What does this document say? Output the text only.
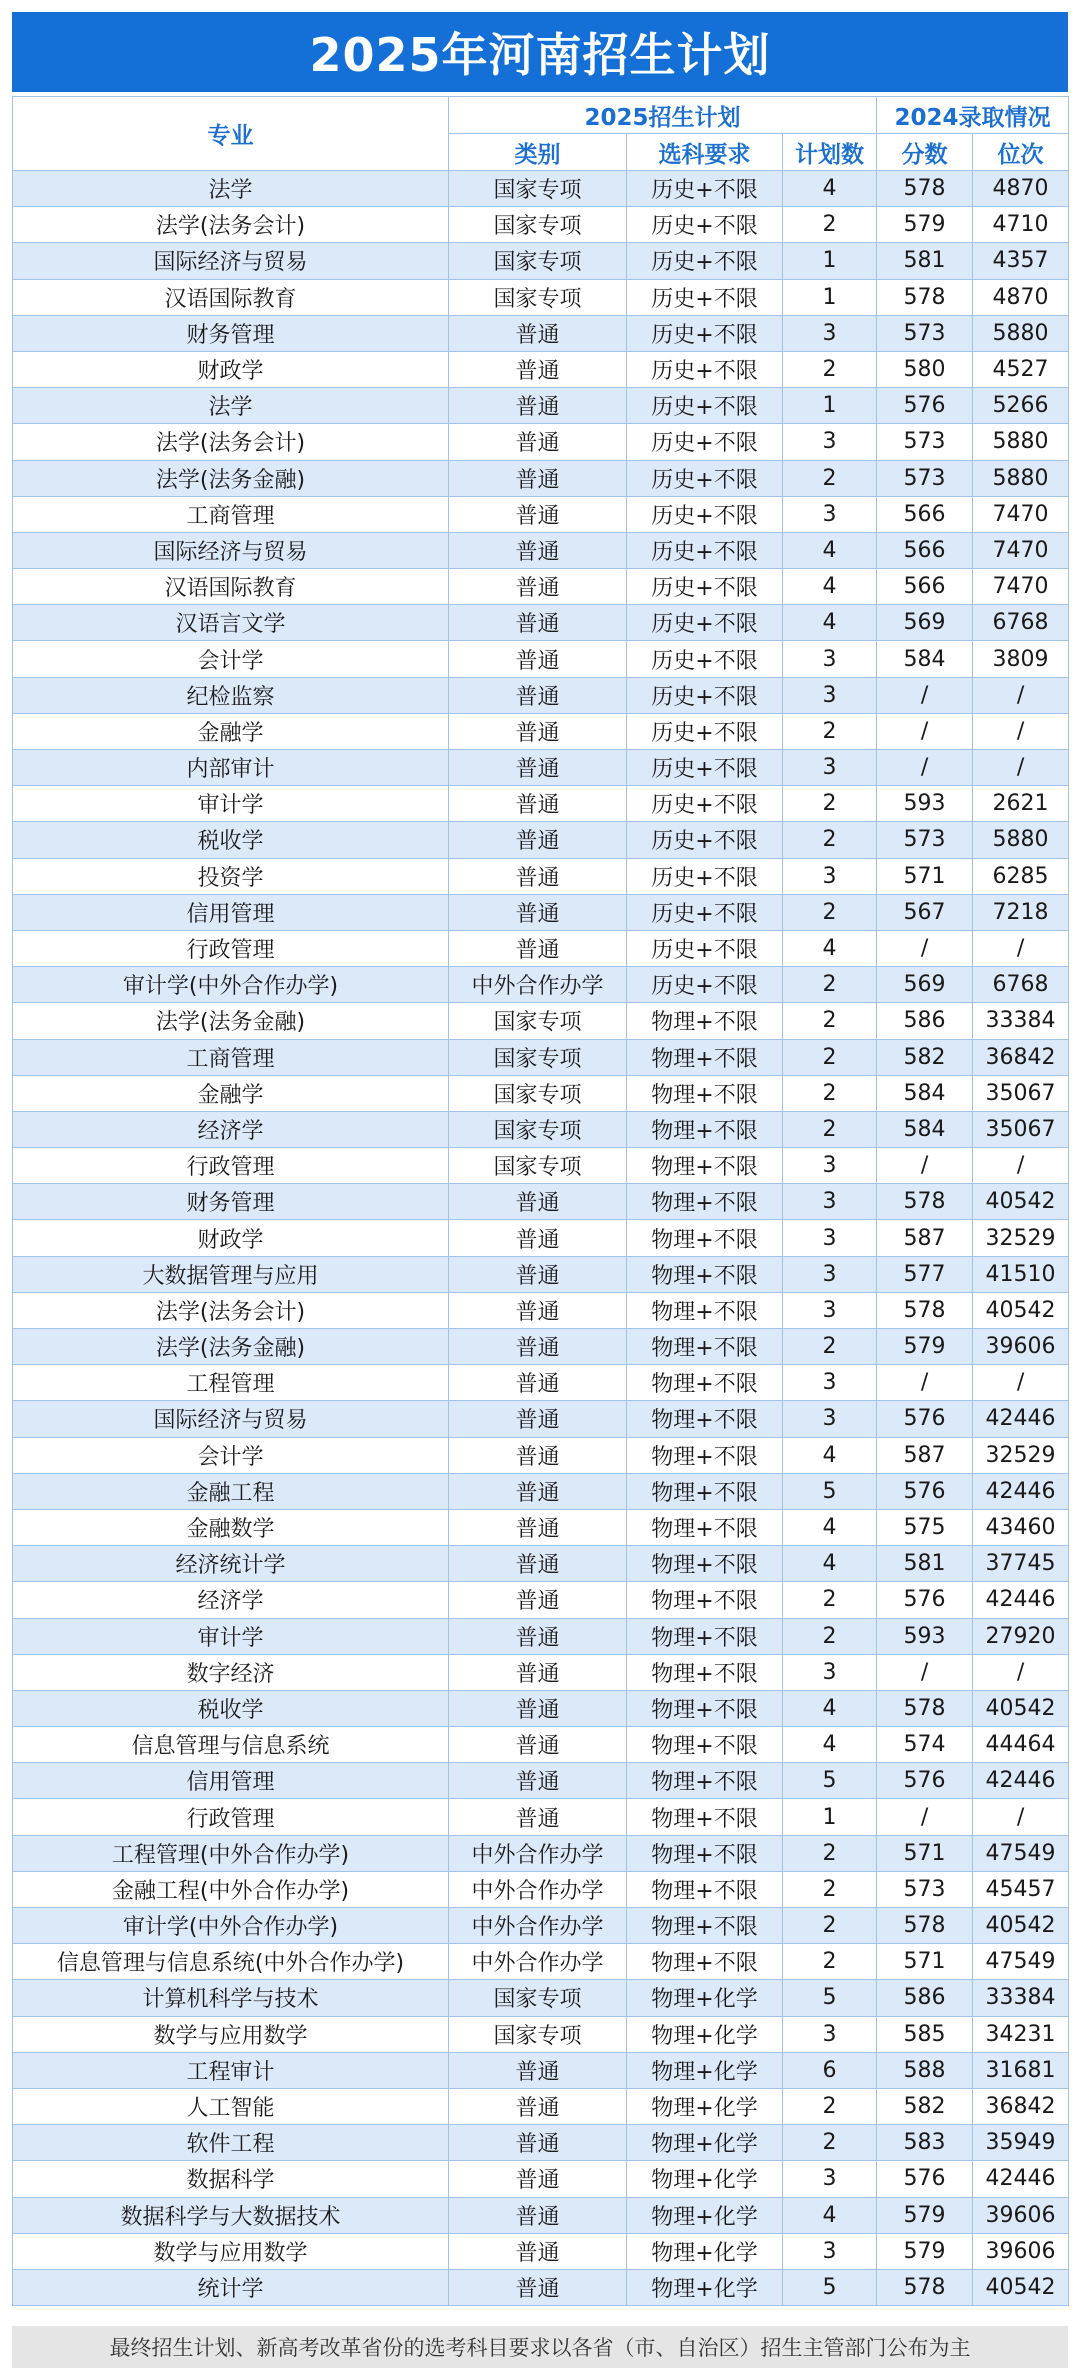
2025年河南招生计划
专业	2025招生计划			2024录取情况	
	类别	选科要求	计划数	分数	位次
法学	国家专项	历史+不限	4	578	4870
法学(法务会计)	国家专项	历史+不限	2	579	4710
国际经济与贸易	国家专项	历史+不限	1	581	4357
汉语国际教育	国家专项	历史+不限	1	578	4870
财务管理	普通	历史+不限	3	573	5880
财政学	普通	历史+不限	2	580	4527
法学	普通	历史+不限	1	576	5266
法学(法务会计)	普通	历史+不限	3	573	5880
法学(法务金融)	普通	历史+不限	2	573	5880
工商管理	普通	历史+不限	3	566	7470
国际经济与贸易	普通	历史+不限	4	566	7470
汉语国际教育	普通	历史+不限	4	566	7470
汉语言文学	普通	历史+不限	4	569	6768
会计学	普通	历史+不限	3	584	3809
纪检监察	普通	历史+不限	3	/	/
金融学	普通	历史+不限	2	/	/
内部审计	普通	历史+不限	3	/	/
审计学	普通	历史+不限	2	593	2621
税收学	普通	历史+不限	2	573	5880
投资学	普通	历史+不限	3	571	6285
信用管理	普通	历史+不限	2	567	7218
行政管理	普通	历史+不限	4	/	/
审计学(中外合作办学)	中外合作办学	历史+不限	2	569	6768
法学(法务金融)	国家专项	物理+不限	2	586	33384
工商管理	国家专项	物理+不限	2	582	36842
金融学	国家专项	物理+不限	2	584	35067
经济学	国家专项	物理+不限	2	584	35067
行政管理	国家专项	物理+不限	3	/	/
财务管理	普通	物理+不限	3	578	40542
财政学	普通	物理+不限	3	587	32529
大数据管理与应用	普通	物理+不限	3	577	41510
法学(法务会计)	普通	物理+不限	3	578	40542
法学(法务金融)	普通	物理+不限	2	579	39606
工程管理	普通	物理+不限	3	/	/
国际经济与贸易	普通	物理+不限	3	576	42446
会计学	普通	物理+不限	4	587	32529
金融工程	普通	物理+不限	5	576	42446
金融数学	普通	物理+不限	4	575	43460
经济统计学	普通	物理+不限	4	581	37745
经济学	普通	物理+不限	2	576	42446
审计学	普通	物理+不限	2	593	27920
数字经济	普通	物理+不限	3	/	/
税收学	普通	物理+不限	4	578	40542
信息管理与信息系统	普通	物理+不限	4	574	44464
信用管理	普通	物理+不限	5	576	42446
行政管理	普通	物理+不限	1	/	/
工程管理(中外合作办学)	中外合作办学	物理+不限	2	571	47549
金融工程(中外合作办学)	中外合作办学	物理+不限	2	573	45457
审计学(中外合作办学)	中外合作办学	物理+不限	2	578	40542
信息管理与信息系统(中外合作办学)	中外合作办学	物理+不限	2	571	47549
计算机科学与技术	国家专项	物理+化学	5	586	33384
数学与应用数学	国家专项	物理+化学	3	585	34231
工程审计	普通	物理+化学	6	588	31681
人工智能	普通	物理+化学	2	582	36842
软件工程	普通	物理+化学	2	583	35949
数据科学	普通	物理+化学	3	576	42446
数据科学与大数据技术	普通	物理+化学	4	579	39606
数学与应用数学	普通	物理+化学	3	579	39606
统计学	普通	物理+化学	5	578	40542
最终招生计划、新高考改革省份的选考科目要求以各省（市、自治区）招生主管部门公布为主
